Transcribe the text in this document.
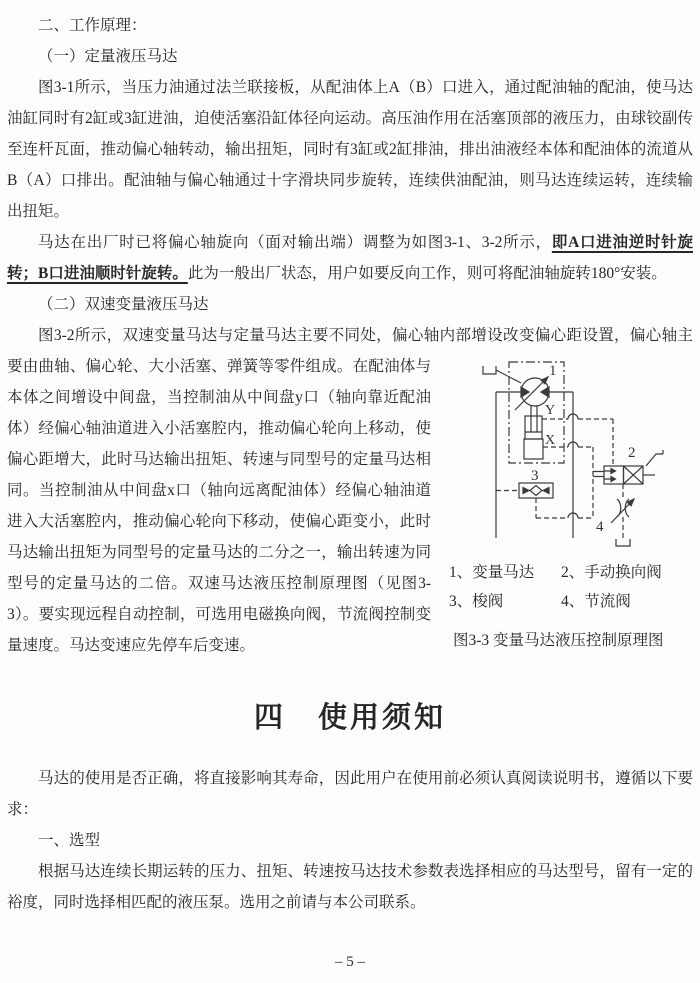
二、工作原理：
（一）定量液压马达
图3-1所示，当压力油通过法兰联接板，从配油体上A（B）口进入，通过配油轴的配油，使马达油缸同时有2缸或3缸进油，迫使活塞沿缸体径向运动。高压油作用在活塞顶部的液压力，由球铰副传至连杆瓦面，推动偏心轴转动，输出扭矩，同时有3缸或2缸排油，排出油液经本体和配油体的流道从B（A）口排出。配油轴与偏心轴通过十字滑块同步旋转，连续供油配油，则马达连续运转，连续输出扭矩。
马达在出厂时已将偏心轴旋向（面对输出端）调整为如图3-1、3-2所示，即A口进油逆时针旋转；B口进油顺时针旋转。此为一般出厂状态，用户如要反向工作，则可将配油轴旋转180°安装。
（二）双速变量液压马达
图3-2所示，双速变量马达与定量马达主要不同处，偏心轴内部增设改变偏心距设置，偏心轴主
1
2
3
4
Y
X
1、变量马达	2、手动换向阀
3、梭阀	4、节流阀
图3-3 变量马达液压控制原理图
要由曲轴、偏心轮、大小活塞、弹簧等零件组成。在配油体与本体之间增设中间盘，当控制油从中间盘y口（轴向靠近配油体）经偏心轴油道进入小活塞腔内，推动偏心轮向上移动，使偏心距增大，此时马达输出扭矩、转速与同型号的定量马达相同。当控制油从中间盘x口（轴向远离配油体）经偏心轴油道进入大活塞腔内，推动偏心轮向下移动，使偏心距变小，此时马达输出扭矩为同型号的定量马达的二分之一，输出转速为同型号的定量马达的二倍。双速马达液压控制原理图（见图3-3）。要实现远程自动控制，可选用电磁换向阀，节流阀控制变量速度。马达变速应先停车后变速。
四　使用须知
马达的使用是否正确，将直接影响其寿命，因此用户在使用前必须认真阅读说明书，遵循以下要求：
一、选型
根据马达连续长期运转的压力、扭矩、转速按马达技术参数表选择相应的马达型号，留有一定的裕度，同时选择相匹配的液压泵。选用之前请与本公司联系。
– 5 –
